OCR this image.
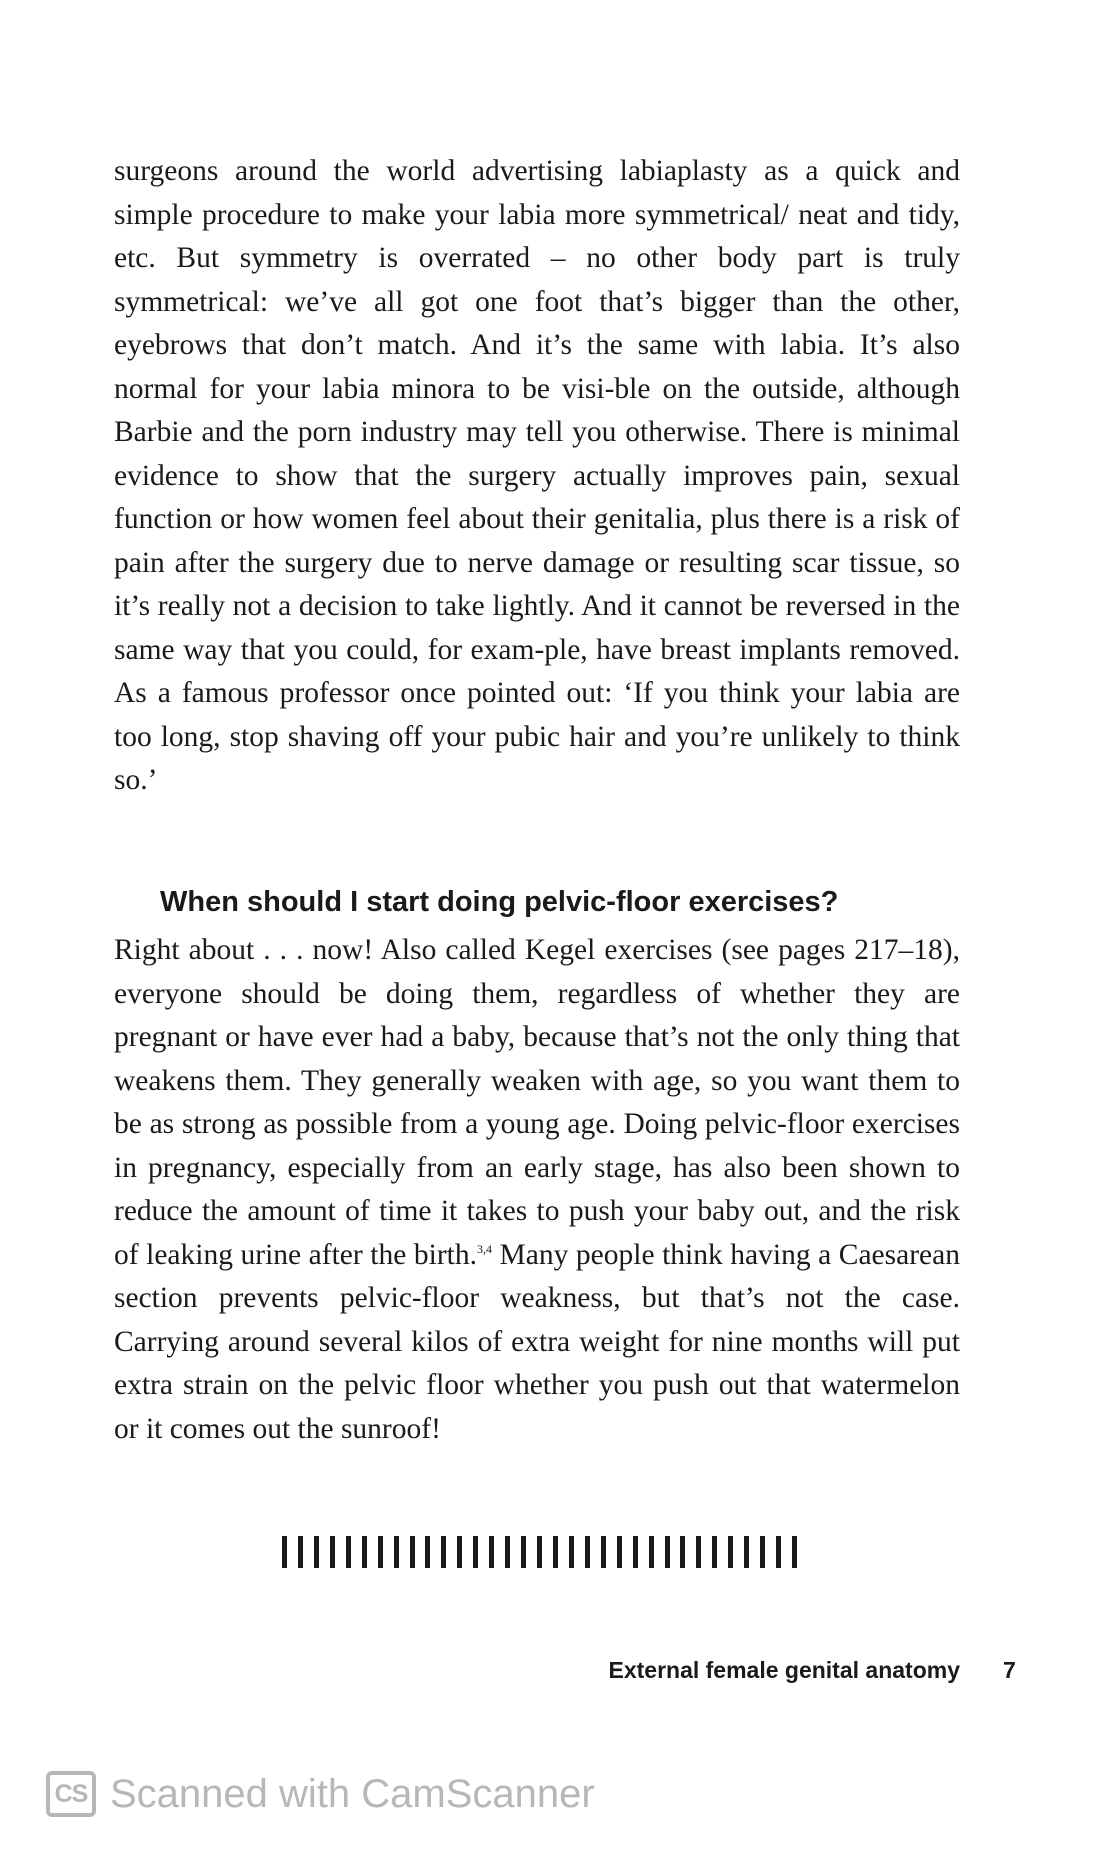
surgeons around the world advertising labiaplasty as a quick and simple procedure to make your labia more symmetrical/ neat and tidy, etc. But symmetry is overrated – no other body part is truly symmetrical: we’ve all got one foot that’s bigger than the other, eyebrows that don’t match. And it’s the same with labia. It’s also normal for your labia minora to be visi-ble on the outside, although Barbie and the porn industry may tell you otherwise. There is minimal evidence to show that the surgery actually improves pain, sexual function or how women feel about their genitalia, plus there is a risk of pain after the surgery due to nerve damage or resulting scar tissue, so it’s really not a decision to take lightly. And it cannot be reversed in the same way that you could, for exam-ple, have breast implants removed. As a famous professor once pointed out: ‘If you think your labia are too long, stop shaving off your pubic hair and you’re unlikely to think so.’

When should I start doing pelvic-floor exercises?

Right about . . . now! Also called Kegel exercises (see pages 217–18), everyone should be doing them, regardless of whether they are pregnant or have ever had a baby, because that’s not the only thing that weakens them. They generally weaken with age, so you want them to be as strong as possible from a young age. Doing pelvic-floor exercises in pregnancy, especially from an early stage, has also been shown to reduce the amount of time it takes to push your baby out, and the risk of leaking urine after the birth.$^{3,4}$ Many people think having a Caesarean section prevents pelvic-floor weakness, but that’s not the case. Carrying around several kilos of extra weight for nine months will put extra strain on the pelvic floor whether you push out that watermelon or it comes out the sunroof!

External female genital anatomy 7
CS Scanned with CamScanner
